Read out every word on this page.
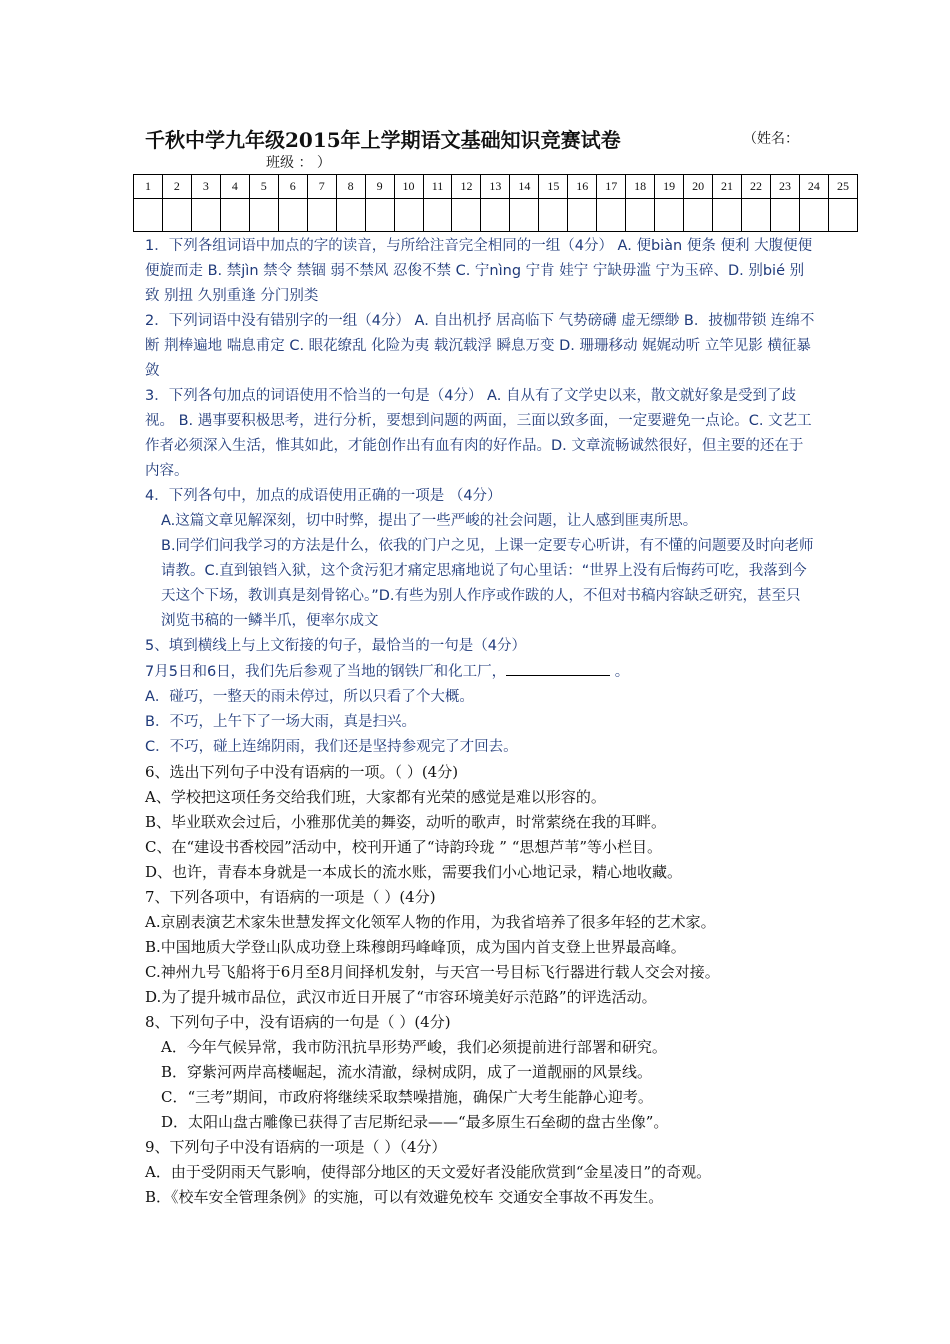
千秋中学九年级2015年上学期语文基础知识竞赛试卷	（姓名：
班级 ： ）
1	2	3	4	5	6	7	8	9	10	11	12	13	14	15	16	17	18	19	20	21	22	23	24	25

1．下列各组词语中加点的字的读音，与所给注音完全相同的一组（4分） A. 便biàn 便条 便利 大腹便便 便旋而走 B. 禁jìn 禁令 禁锢 弱不禁风 忍俊不禁 C. 宁nìng 宁肯 娃宁 宁缺毋滥 宁为玉碎、D. 别bié 别致 别扭 久别重逢 分门别类

2．下列词语中没有错别字的一组（4分） A. 自出机抒 居高临下 气势磅礴 虚无缥缈 B．披枷带锁 连绵不断 荆棒遍地 喘息甫定 C. 眼花缭乱 化险为夷 载沉载浮 瞬息万变 D. 珊珊移动 娓娓动听 立竿见影 横征暴敛

3．下列各句加点的词语使用不恰当的一句是（4分） A. 自从有了文学史以来，散文就好象是受到了歧视。 B. 遇事要积极思考，进行分析，要想到问题的两面，三面以致多面，一定要避免一点论。C. 文艺工作者必须深入生活，惟其如此，才能创作出有血有肉的好作品。D. 文章流畅诚然很好，但主要的还在于内容。

4．下列各句中，加点的成语使用正确的一项是 （4分）

A.这篇文章见解深刻，切中时弊，提出了一些严峻的社会问题，让人感到匪夷所思。

B.同学们问我学习的方法是什么，依我的门户之见，上课一定要专心听讲，有不懂的问题要及时向老师请教。C.直到锒铛入狱，这个贪污犯才痛定思痛地说了句心里话：“世界上没有后悔药可吃，我落到今天这个下场，教训真是刻骨铭心。”D.有些为别人作序或作跋的人，不但对书稿内容缺乏研究，甚至只浏览书稿的一鳞半爪，便率尔成文

5、填到横线上与上文衔接的句子，最恰当的一句是（4分）

7月5日和6日，我们先后参观了当地的钢铁厂和化工厂，	。

A．碰巧，一整天的雨未停过，所以只看了个大概。

B．不巧，上午下了一场大雨，真是扫兴。

C．不巧，碰上连绵阴雨，我们还是坚持参观完了才回去。

6、选出下列句子中没有语病的一项。（ ）(4分)

A、学校把这项任务交给我们班，大家都有光荣的感觉是难以形容的。

B、毕业联欢会过后，小雅那优美的舞姿，动听的歌声，时常萦绕在我的耳畔。

C、在“建设书香校园”活动中，校刊开通了“诗韵玲珑 ” “思想芦苇”等小栏目。

D、也许，青春本身就是一本成长的流水账，需要我们小心地记录，精心地收藏。

7、下列各项中，有语病的一项是（ ）(4分)

A.京剧表演艺术家朱世慧发挥文化领军人物的作用，为我省培养了很多年轻的艺术家。

B.中国地质大学登山队成功登上珠穆朗玛峰峰顶，成为国内首支登上世界最高峰。

C.神州九号飞船将于6月至8月间择机发射，与天宫一号目标飞行器进行载人交会对接。

D.为了提升城市品位，武汉市近日开展了“市容环境美好示范路”的评选活动。

8、下列句子中，没有语病的一句是（ ）(4分)

A．今年气候异常，我市防汛抗旱形势严峻，我们必须提前进行部署和研究。

B．穿紫河两岸高楼崛起，流水清澈，绿树成阴，成了一道靓丽的风景线。

C．“三考”期间，市政府将继续采取禁噪措施，确保广大考生能静心迎考。

D．太阳山盘古雕像已获得了吉尼斯纪录——“最多原生石垒砌的盘古坐像”。

9、下列句子中没有语病的一项是（ ）（4分）

A．由于受阴雨天气影响，使得部分地区的天文爱好者没能欣赏到“金星凌日”的奇观。

B．《校车安全管理条例》的实施，可以有效避免校车 交通安全事故不再发生。
